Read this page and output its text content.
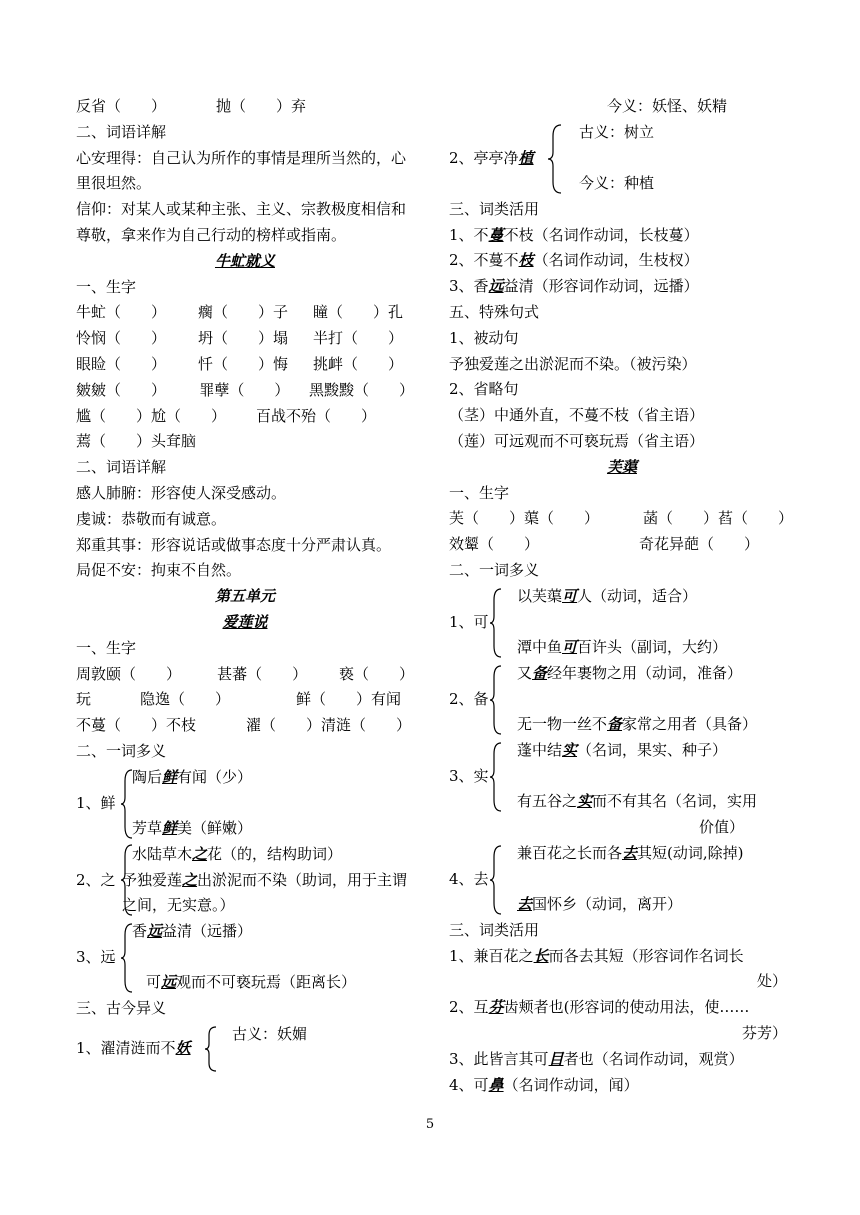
反省（　　）	抛（　　）弃
二、词语详解
心安理得：自己认为所作的事情是理所当然的，心里很坦然。
信仰：对某人或某种主张、主义、宗教极度相信和尊敬，拿来作为自己行动的榜样或指南。
牛虻就义
一、生字
牛虻（　　）	瘸（　　）子	瞳（　　）孔
怜悯（　　）	坍（　　）塌	半打（　　）
眼睑（　　）	忏（　　）悔	挑衅（　　）
皴皴（　　）	罪孽（　　）	黑黢黢（　　）
尴（　　）尬（　　）	百战不殆（　　）
蔫（　　）头耷脑
二、词语详解
感人肺腑：形容使人深受感动。
虔诚：恭敬而有诚意。
郑重其事：形容说话或做事态度十分严肃认真。
局促不安：拘束不自然。
第五单元
爱莲说
一、生字
周敦颐（　　）	甚蕃（　　）	亵（　　）
玩	隐逸（　　）	鲜（　　）有闻
不蔓（　　）不枝	濯（　　）清涟（　　）
二、一词多义
1、鲜
陶后鲜有闻（少）
芳草鲜美（鲜嫩）
2、之
水陆草木之花（的，结构助词）
予独爱莲之出淤泥而不染（助词，用于主谓之间，无实意。）
3、远
香远益清（远播）
可远观而不可亵玩焉（距离长）
三、古今异义
1、濯清涟而不妖
古义：妖媚
今义：妖怪、妖精
2、亭亭净植
古义：树立
今义：种植
三、词类活用
1、不蔓不枝（名词作动词，长枝蔓）
2、不蔓不枝（名词作动词，生枝杈）
3、香远益清（形容词作动词，远播）
五、特殊句式
1、被动句
予独爱莲之出淤泥而不染。（被污染）
2、省略句
（茎）中通外直，不蔓不枝（省主语）
（莲）可远观而不可亵玩焉（省主语）
芙蕖
一、生字
芙（　　）蕖（　　）	菡（　　）萏（　　）
效颦（　　）	奇花异葩（　　）
二、一词多义
1、可
以芙蕖可人（动词，适合）
潭中鱼可百许头（副词，大约）
2、备
又备经年裹物之用（动词，准备）
无一物一丝不备家常之用者（具备）
3、实
蓬中结实（名词，果实、种子）
有五谷之实而不有其名（名词，实用
价值）
4、去
兼百花之长而各去其短(动词,除掉)
去国怀乡（动词，离开）
三、词类活用
1、兼百花之长而各去其短（形容词作名词长
处）
2、互芬齿颊者也(形容词的使动用法，使……
芬芳）
3、此皆言其可目者也（名词作动词，观赏）
4、可鼻（名词作动词，闻）
5
